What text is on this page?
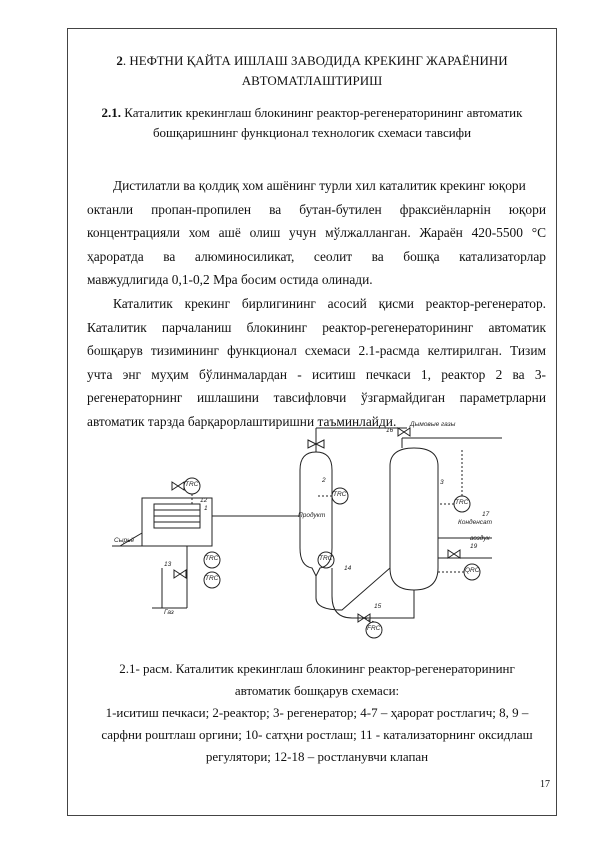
2. НЕФТНИ ҚАЙТА ИШЛАШ ЗАВОДИДА КРЕКИНГ ЖАРАЁНИНИ
АВТОМАТЛАШТИРИШ
2.1. Каталитик крекинглаш блокининг реактор-регенераторининг автоматик
бошқаришнинг функционал технологик схемаси тавсифи
Дистилатли ва қолдиқ хом ашёнинг турли хил каталитик крекинг юқори
октанли пропан-пропилен ва бутан-бутилен фраксиёнларнін юқори
концентрацияли хом ашё олиш учун мўлжалланган. Жараён 420-5500 °C
ҳароратда ва алюминосиликат, сеолит ва бошқа катализаторлар
мавжудлигида 0,1-0,2 Mpa босим остида олинади.
Каталитик крекинг бирлигининг асосий қисми реактор-регенератор.
Каталитик парчаланиш блокининг реактор-регенераторининг автоматик
бошқарув тизимининг функционал схемаси 2.1-расмда келтирилган. Тизим
учта энг муҳим бўлинмалардан - иситиш печкаси 1, реактор 2 ва 3-
регенераторнинг ишлашини тавсифловчи ўзгармайдиган параметрларни
автоматик тарзда барқарорлаштиришни таъминлайди.	Дымовые газы
Продукт
Конденсат
воздух
Сырьё
Газ
1
2	3
12
13
14
15
16
17
19
TRC
TRC
TRC
TRC
TRC
TRC
FRC
QRC
2.1- расм. Каталитик крекинглаш блокининг реактор-регенераторининг
автоматик бошқарув схемаси:
1-иситиш печкаси; 2-реактор; 3- регенератор; 4-7 – ҳарорат ростлагич; 8, 9 –
сарфни роштлаш оргини; 10- сатҳни ростлаш; 11 - катализаторнинг оксидлаш
регулятори; 12-18 – ростланувчи клапан
17
